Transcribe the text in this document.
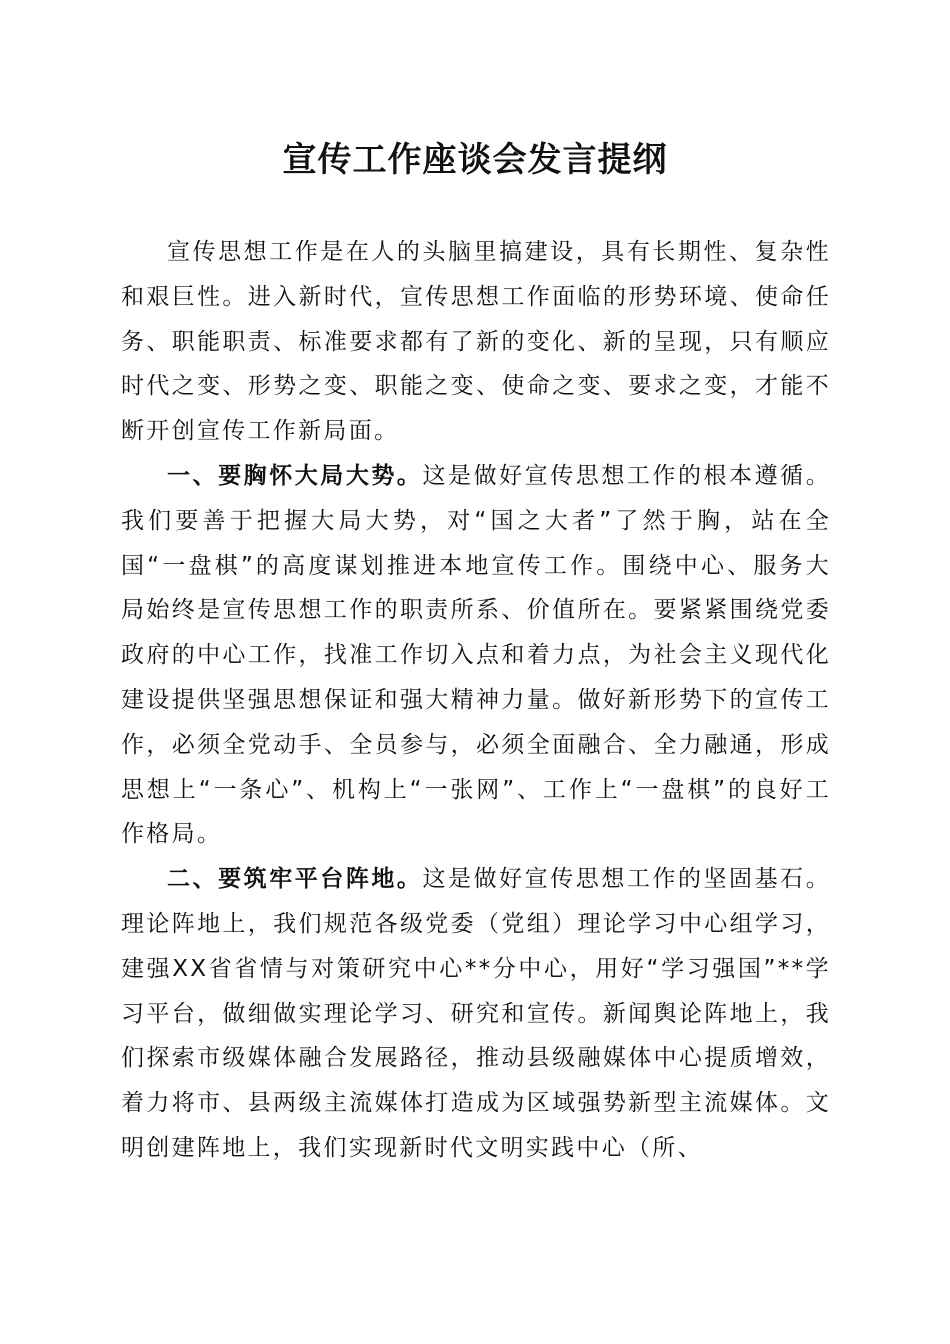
宣传工作座谈会发言提纲

宣传思想工作是在人的头脑里搞建设，具有长期性、复杂性和艰巨性。进入新时代，宣传思想工作面临的形势环境、使命任务、职能职责、标准要求都有了新的变化、新的呈现，只有顺应时代之变、形势之变、职能之变、使命之变、要求之变，才能不断开创宣传工作新局面。

一、要胸怀大局大势。这是做好宣传思想工作的根本遵循。我们要善于把握大局大势，对“国之大者”了然于胸，站在全国“一盘棋”的高度谋划推进本地宣传工作。围绕中心、服务大局始终是宣传思想工作的职责所系、价值所在。要紧紧围绕党委政府的中心工作，找准工作切入点和着力点，为社会主义现代化建设提供坚强思想保证和强大精神力量。做好新形势下的宣传工作，必须全党动手、全员参与，必须全面融合、全力融通，形成思想上“一条心”、机构上“一张网”、工作上“一盘棋”的良好工作格局。

二、要筑牢平台阵地。这是做好宣传思想工作的坚固基石。理论阵地上，我们规范各级党委（党组）理论学习中心组学习，建强XX省省情与对策研究中心**分中心，用好“学习强国”**学习平台，做细做实理论学习、研究和宣传。新闻舆论阵地上，我们探索市级媒体融合发展路径，推动县级融媒体中心提质增效，着力将市、县两级主流媒体打造成为区域强势新型主流媒体。文明创建阵地上，我们实现新时代文明实践中心（所、
